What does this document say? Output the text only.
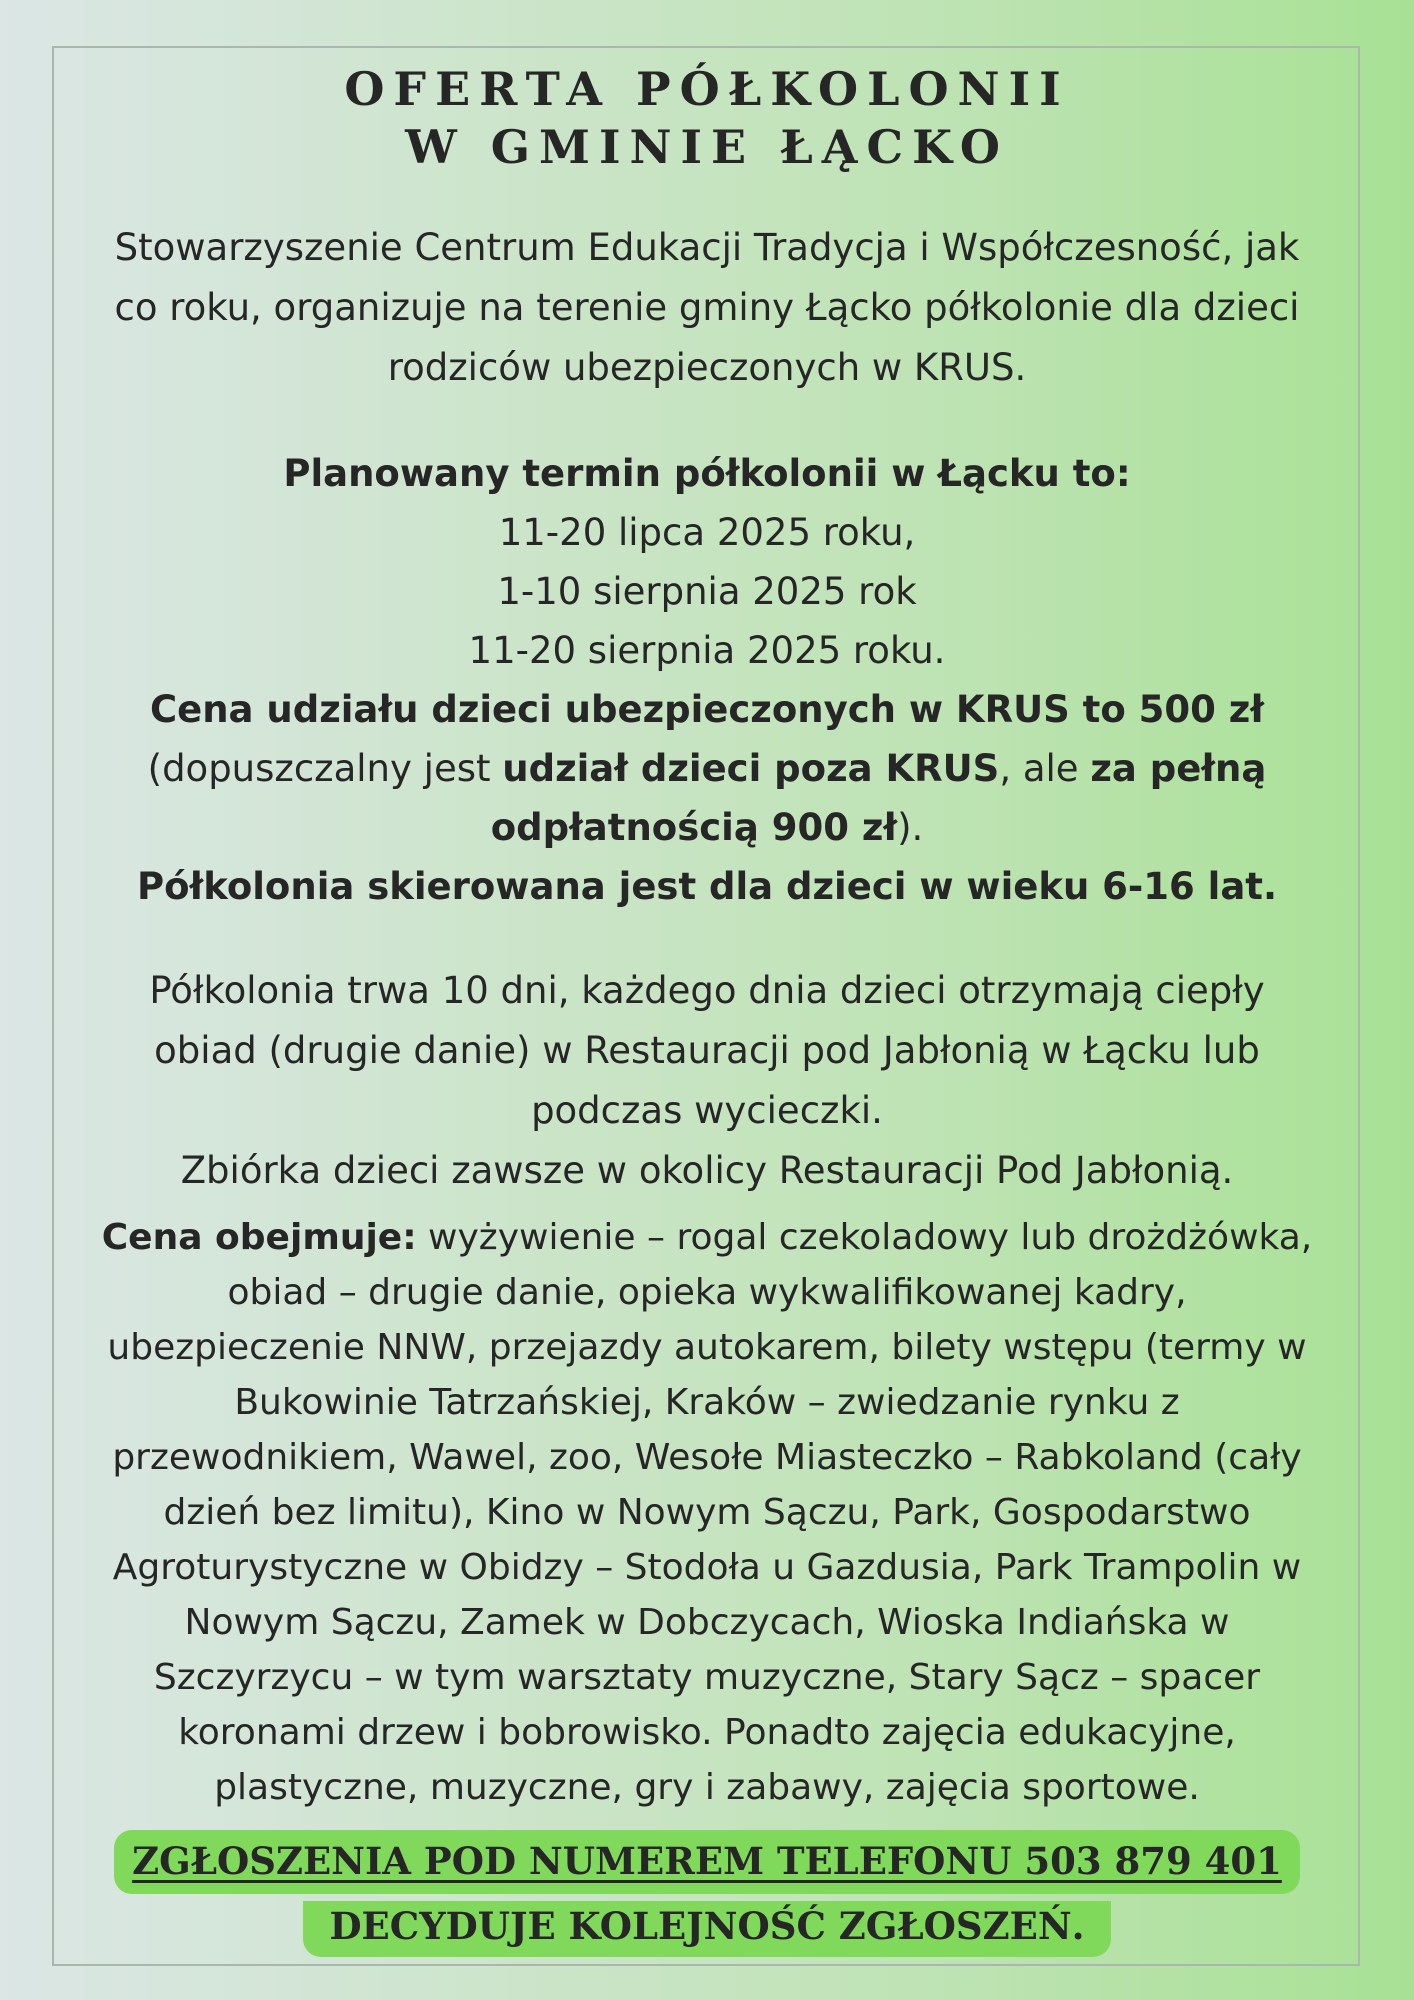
OFERTA PÓŁKOLONII
W GMINIE ŁĄCKO
Stowarzyszenie Centrum Edukacji Tradycja i Współczesność, jak
co roku, organizuje na terenie gminy Łącko półkolonie dla dzieci
rodziców ubezpieczonych w KRUS.
Planowany termin półkolonii w Łącku to:
11-20 lipca 2025 roku,
1-10 sierpnia 2025 rok
11-20 sierpnia 2025 roku.
Cena udziału dzieci ubezpieczonych w KRUS to 500 zł
(dopuszczalny jest udział dzieci poza KRUS, ale za pełną
odpłatnością 900 zł).
Półkolonia skierowana jest dla dzieci w wieku 6-16 lat.
Półkolonia trwa 10 dni, każdego dnia dzieci otrzymają ciepły
obiad (drugie danie) w Restauracji pod Jabłonią w Łącku lub
podczas wycieczki.
Zbiórka dzieci zawsze w okolicy Restauracji Pod Jabłonią.
Cena obejmuje: wyżywienie – rogal czekoladowy lub drożdżówka,
obiad – drugie danie, opieka wykwalifikowanej kadry,
ubezpieczenie NNW, przejazdy autokarem, bilety wstępu (termy w
Bukowinie Tatrzańskiej, Kraków – zwiedzanie rynku z
przewodnikiem, Wawel, zoo, Wesołe Miasteczko – Rabkoland (cały
dzień bez limitu), Kino w Nowym Sączu, Park, Gospodarstwo
Agroturystyczne w Obidzy – Stodoła u Gazdusia, Park Trampolin w
Nowym Sączu, Zamek w Dobczycach, Wioska Indiańska w
Szczyrzycu – w tym warsztaty muzyczne, Stary Sącz – spacer
koronami drzew i bobrowisko. Ponadto zajęcia edukacyjne,
plastyczne, muzyczne, gry i zabawy, zajęcia sportowe.
ZGŁOSZENIA POD NUMEREM TELEFONU 503 879 401
DECYDUJE KOLEJNOŚĆ ZGŁOSZEŃ.
